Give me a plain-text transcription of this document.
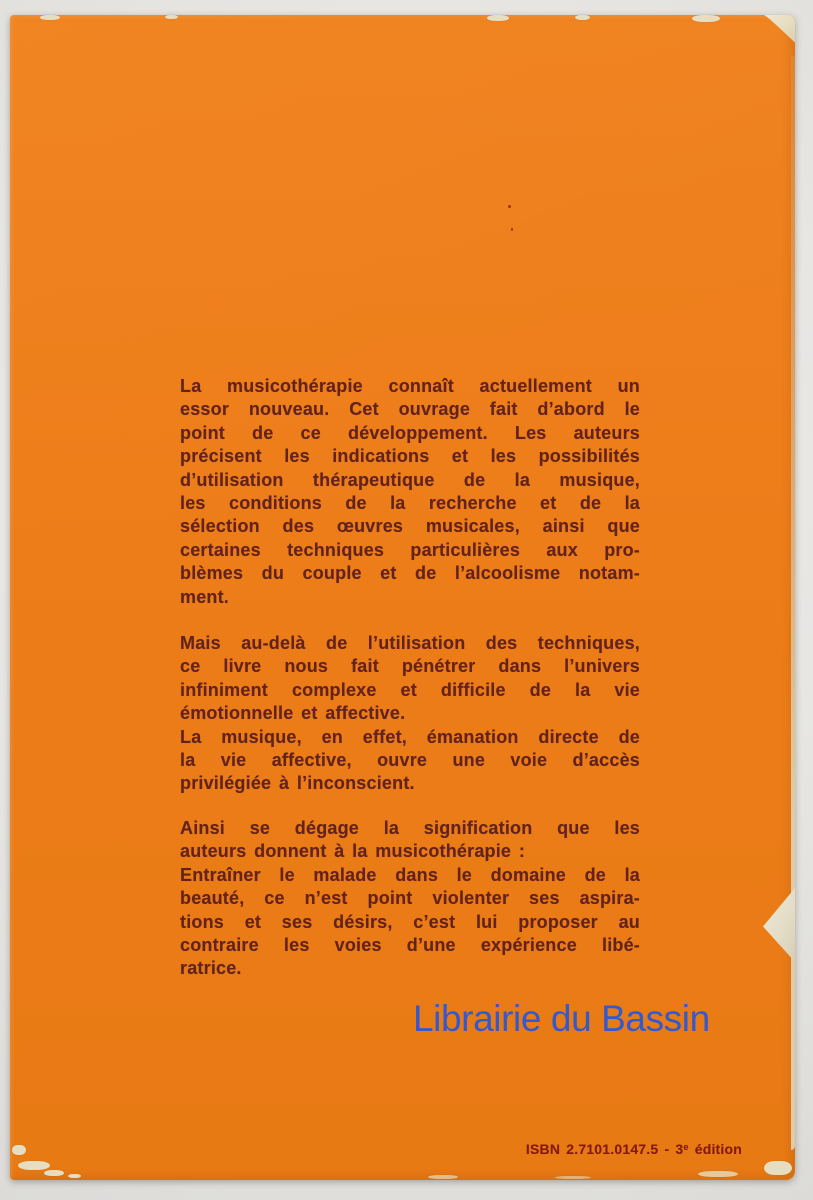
La musicothérapie connaît actuellement un
essor nouveau. Cet ouvrage fait d’abord le
point de ce développement. Les auteurs
précisent les indications et les possibilités
d’utilisation thérapeutique de la musique,
les conditions de la recherche et de la
sélection des œuvres musicales, ainsi que
certaines techniques particulières aux pro-
blèmes du couple et de l’alcoolisme notam-
ment.
Mais au-delà de l’utilisation des techniques,
ce livre nous fait pénétrer dans l’univers
infiniment complexe et difficile de la vie
émotionnelle et affective.
La musique, en effet, émanation directe de
la vie affective, ouvre une voie d’accès
privilégiée à l’inconscient.
Ainsi se dégage la signification que les
auteurs donnent à la musicothérapie :
Entraîner le malade dans le domaine de la
beauté, ce n’est point violenter ses aspira-
tions et ses désirs, c’est lui proposer au
contraire les voies d’une expérience libé-
ratrice.
Librairie du Bassin
ISBN 2.7101.0147.5 - 3e édition
